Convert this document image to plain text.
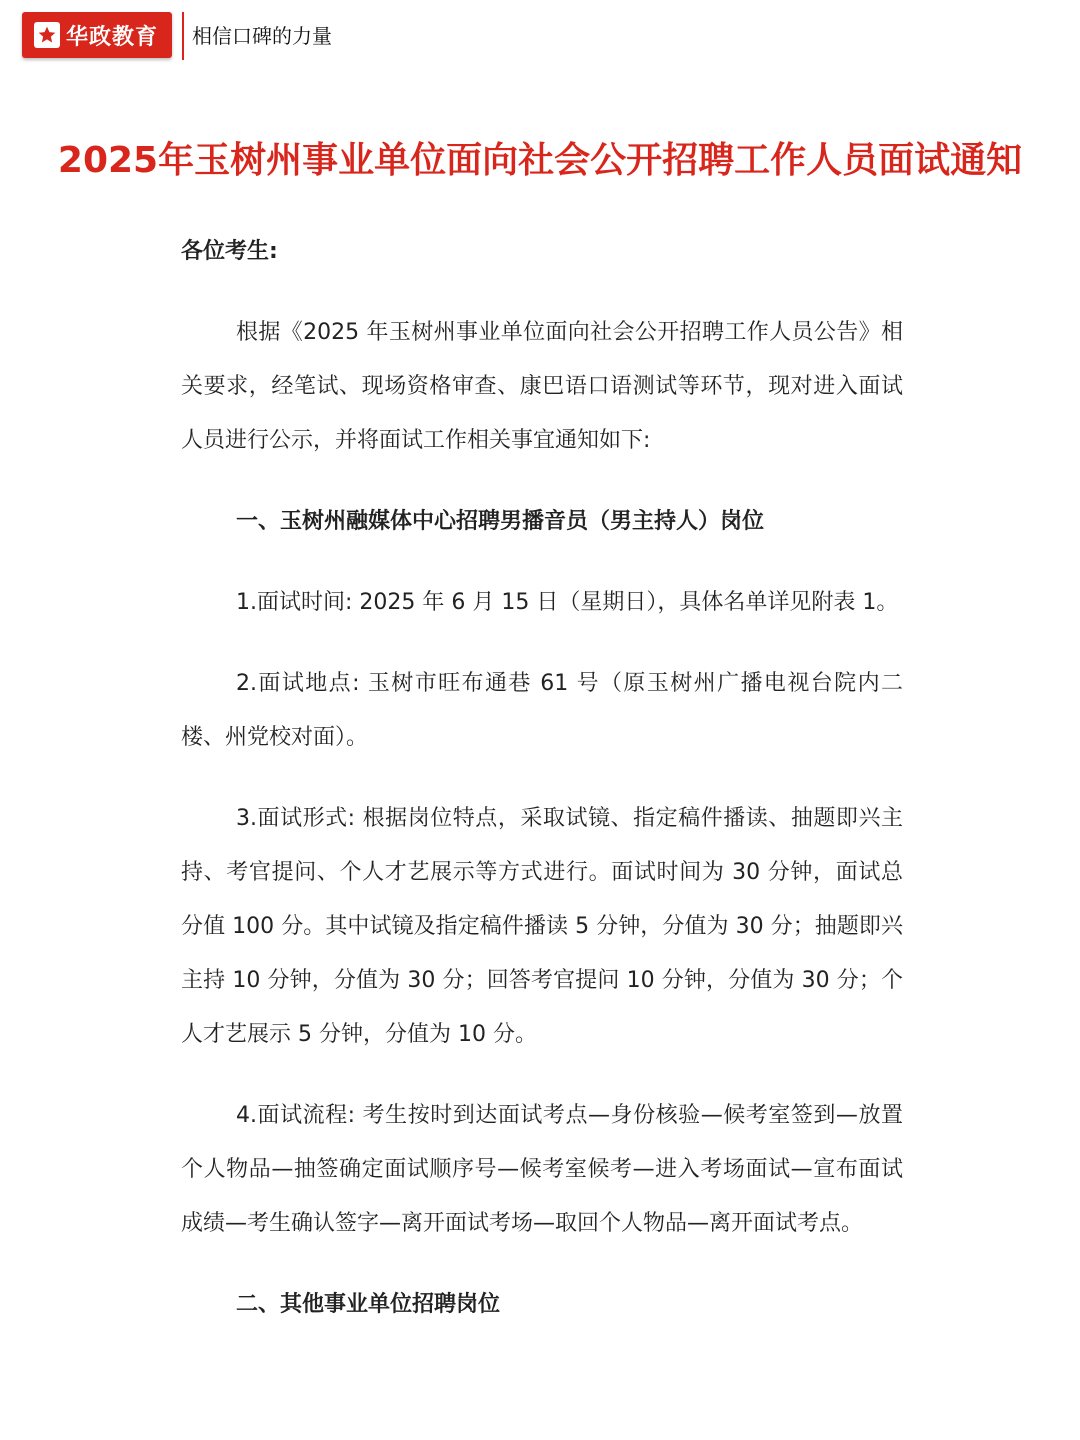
华政教育 相信口碑的力量
2025年玉树州事业单位面向社会公开招聘工作人员面试通知

各位考生:

根据《2025 年玉树州事业单位面向社会公开招聘工作人员公告》相关要求，经笔试、现场资格审查、康巴语口语测试等环节，现对进入面试人员进行公示，并将面试工作相关事宜通知如下:

一、玉树州融媒体中心招聘男播音员（男主持人）岗位

1.面试时间: 2025 年 6 月 15 日（星期日），具体名单详见附表 1。

2.面试地点: 玉树市旺布通巷 61 号（原玉树州广播电视台院内二楼、州党校对面）。

3.面试形式: 根据岗位特点，采取试镜、指定稿件播读、抽题即兴主持、考官提问、个人才艺展示等方式进行。面试时间为 30 分钟，面试总分值 100 分。其中试镜及指定稿件播读 5 分钟，分值为 30 分；抽题即兴主持 10 分钟，分值为 30 分；回答考官提问 10 分钟，分值为 30 分；个人才艺展示 5 分钟，分值为 10 分。

4.面试流程: 考生按时到达面试考点—身份核验—候考室签到—放置个人物品—抽签确定面试顺序号—候考室候考—进入考场面试—宣布面试成绩—考生确认签字—离开面试考场—取回个人物品—离开面试考点。

二、其他事业单位招聘岗位
